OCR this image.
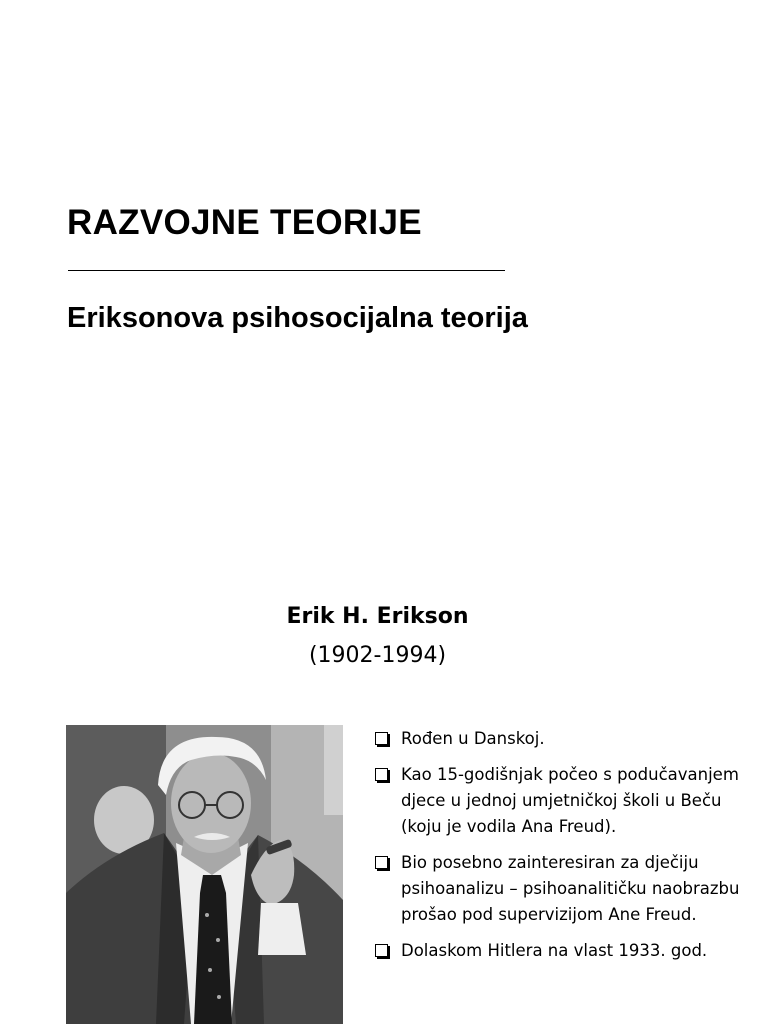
RAZVOJNE TEORIJE
Eriksonova psihosocijalna teorija
Erik H. Erikson
(1902-1994)
Rođen u Danskoj.
Kao 15-godišnjak počeo s podučavanjem djece u jednoj umjetničkoj školi u Beču (koju je vodila Ana Freud).
Bio posebno zainteresiran za dječiju psihoanalizu – psihoanalitičku naobrazbu prošao pod supervizijom Ane Freud.
Dolaskom Hitlera na vlast 1933. god.
